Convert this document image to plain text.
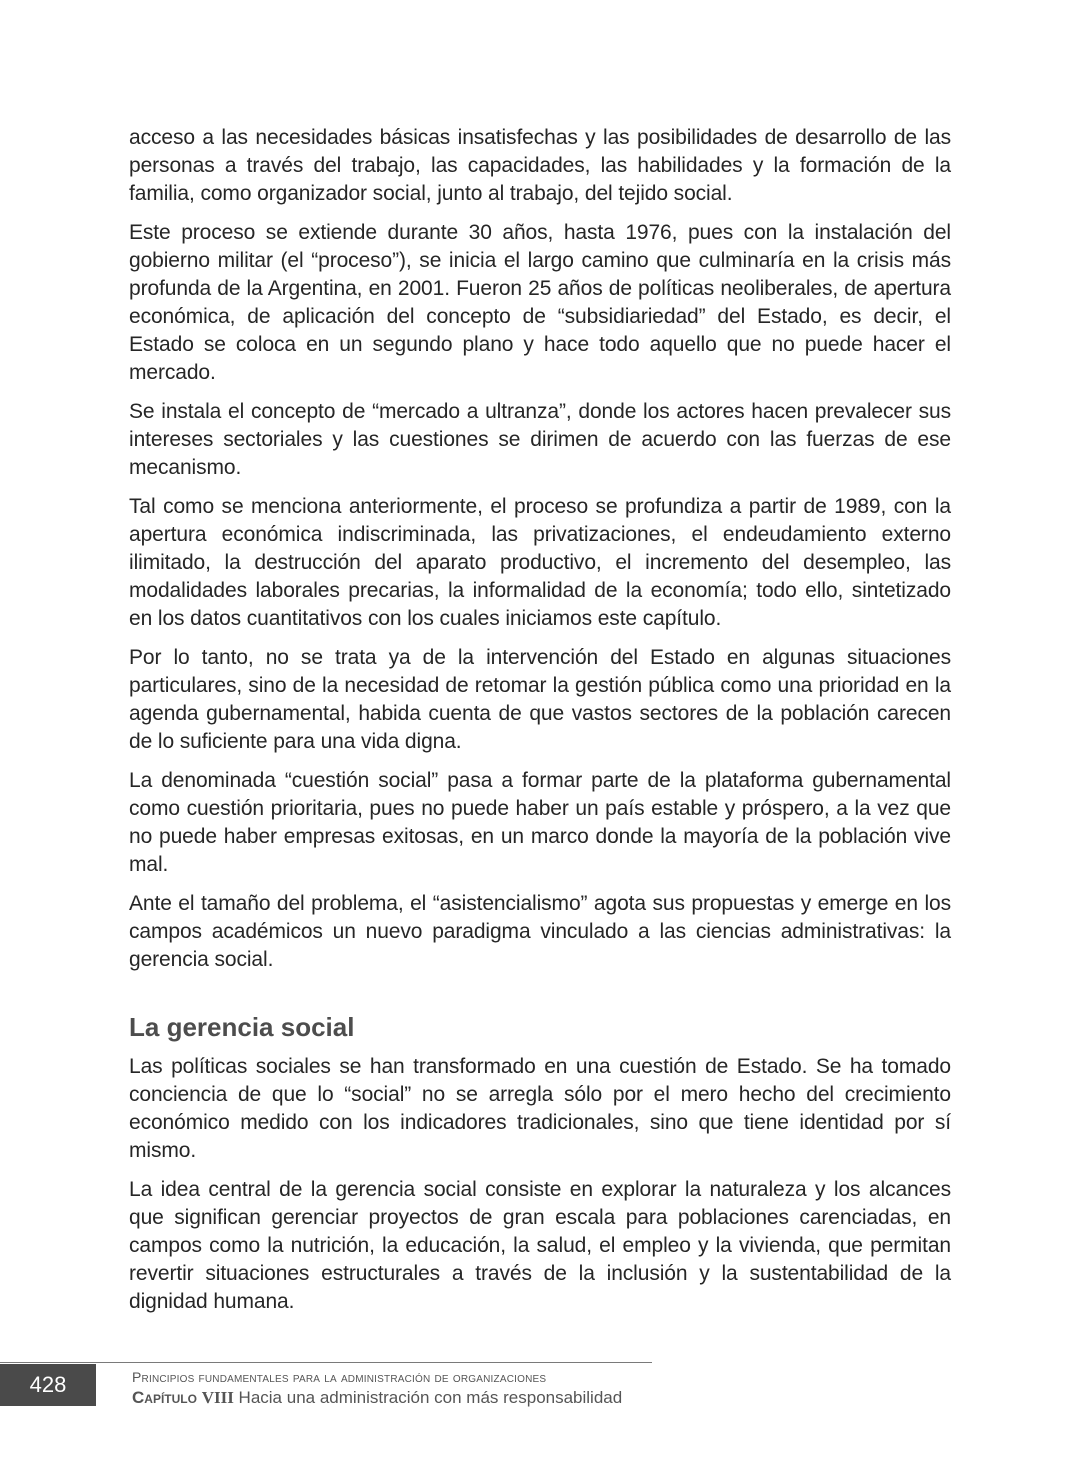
acceso a las necesidades básicas insatisfechas y las posibilidades de desarrollo de las personas a través del trabajo, las capacidades, las habilidades y la formación de la familia, como organizador social, junto al trabajo, del tejido social.

Este proceso se extiende durante 30 años, hasta 1976, pues con la instalación del gobierno militar (el “proceso”), se inicia el largo camino que culminaría en la crisis más profunda de la Argentina, en 2001. Fueron 25 años de políticas neoliberales, de apertura económica, de aplicación del concepto de “subsidiariedad” del Estado, es decir, el Estado se coloca en un segundo plano y hace todo aquello que no puede hacer el mercado.

Se instala el concepto de “mercado a ultranza”, donde los actores hacen prevalecer sus intereses sectoriales y las cuestiones se dirimen de acuerdo con las fuerzas de ese mecanismo.

Tal como se menciona anteriormente, el proceso se profundiza a partir de 1989, con la apertura económica indiscriminada, las privatizaciones, el endeudamiento externo ilimitado, la destrucción del aparato productivo, el incremento del desempleo, las modalidades laborales precarias, la informalidad de la economía; todo ello, sintetizado en los datos cuantitativos con los cuales iniciamos este capítulo.

Por lo tanto, no se trata ya de la intervención del Estado en algunas situaciones particulares, sino de la necesidad de retomar la gestión pública como una prioridad en la agenda gubernamental, habida cuenta de que vastos sectores de la población carecen de lo suficiente para una vida digna.

La denominada “cuestión social” pasa a formar parte de la plataforma gubernamental como cuestión prioritaria, pues no puede haber un país estable y próspero, a la vez que no puede haber empresas exitosas, en un marco donde la mayoría de la población vive mal.

Ante el tamaño del problema, el “asistencialismo” agota sus propuestas y emerge en los campos académicos un nuevo paradigma vinculado a las ciencias administrativas: la gerencia social.

La gerencia social

Las políticas sociales se han transformado en una cuestión de Estado. Se ha tomado conciencia de que lo “social” no se arregla sólo por el mero hecho del crecimiento económico medido con los indicadores tradicionales, sino que tiene identidad por sí mismo.

La idea central de la gerencia social consiste en explorar la naturaleza y los alcances que significan gerenciar proyectos de gran escala para poblaciones carenciadas, en campos como la nutrición, la educación, la salud, el empleo y la vivienda, que permitan revertir situaciones estructurales a través de la inclusión y la sustentabilidad de la dignidad humana.

428	Principios fundamentales para la administración de organizaciones
Capítulo VIII Hacia una administración con más responsabilidad
